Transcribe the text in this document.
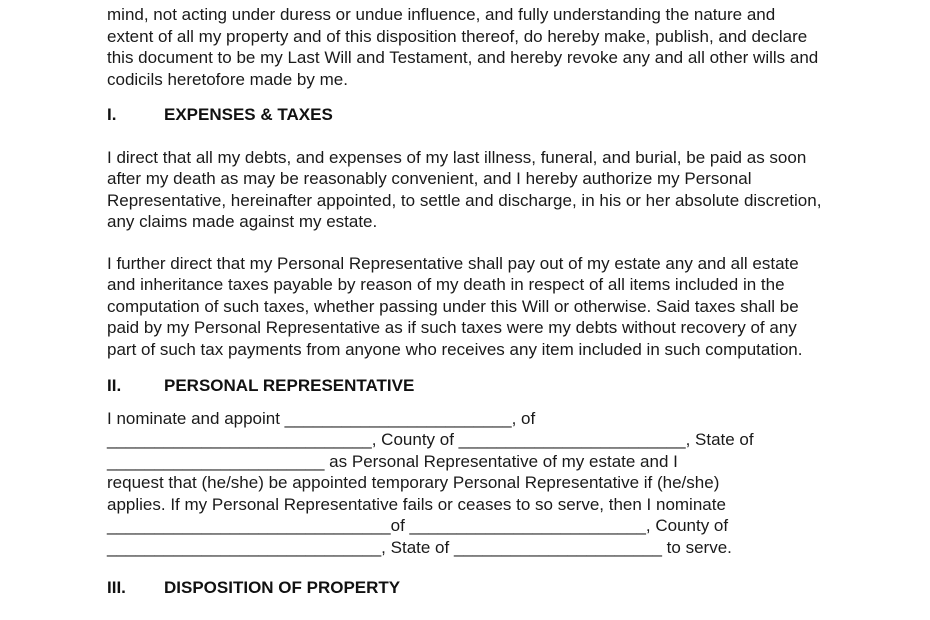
mind, not acting under duress or undue influence, and fully understanding the nature and extent of all my property and of this disposition thereof, do hereby make, publish, and declare this document to be my Last Will and Testament, and hereby revoke any and all other wills and codicils heretofore made by me.

I.	EXPENSES & TAXES

I direct that all my debts, and expenses of my last illness, funeral, and burial, be paid as soon after my death as may be reasonably convenient, and I hereby authorize my Personal Representative, hereinafter appointed, to settle and discharge, in his or her absolute discretion, any claims made against my estate.

I further direct that my Personal Representative shall pay out of my estate any and all estate and inheritance taxes payable by reason of my death in respect of all items included in the computation of such taxes, whether passing under this Will or otherwise. Said taxes shall be paid by my Personal Representative as if such taxes were my debts without recovery of any part of such tax payments from anyone who receives any item included in such computation.

II.	PERSONAL REPRESENTATIVE
I nominate and appoint ________________________, of
____________________________, County of ________________________, State of
_______________________ as Personal Representative of my estate and I
request that (he/she) be appointed temporary Personal Representative if (he/she)
applies. If my Personal Representative fails or ceases to so serve, then I nominate
______________________________of _________________________, County of
_____________________________, State of ______________________ to serve.
III. DISPOSITION OF PROPERTY
